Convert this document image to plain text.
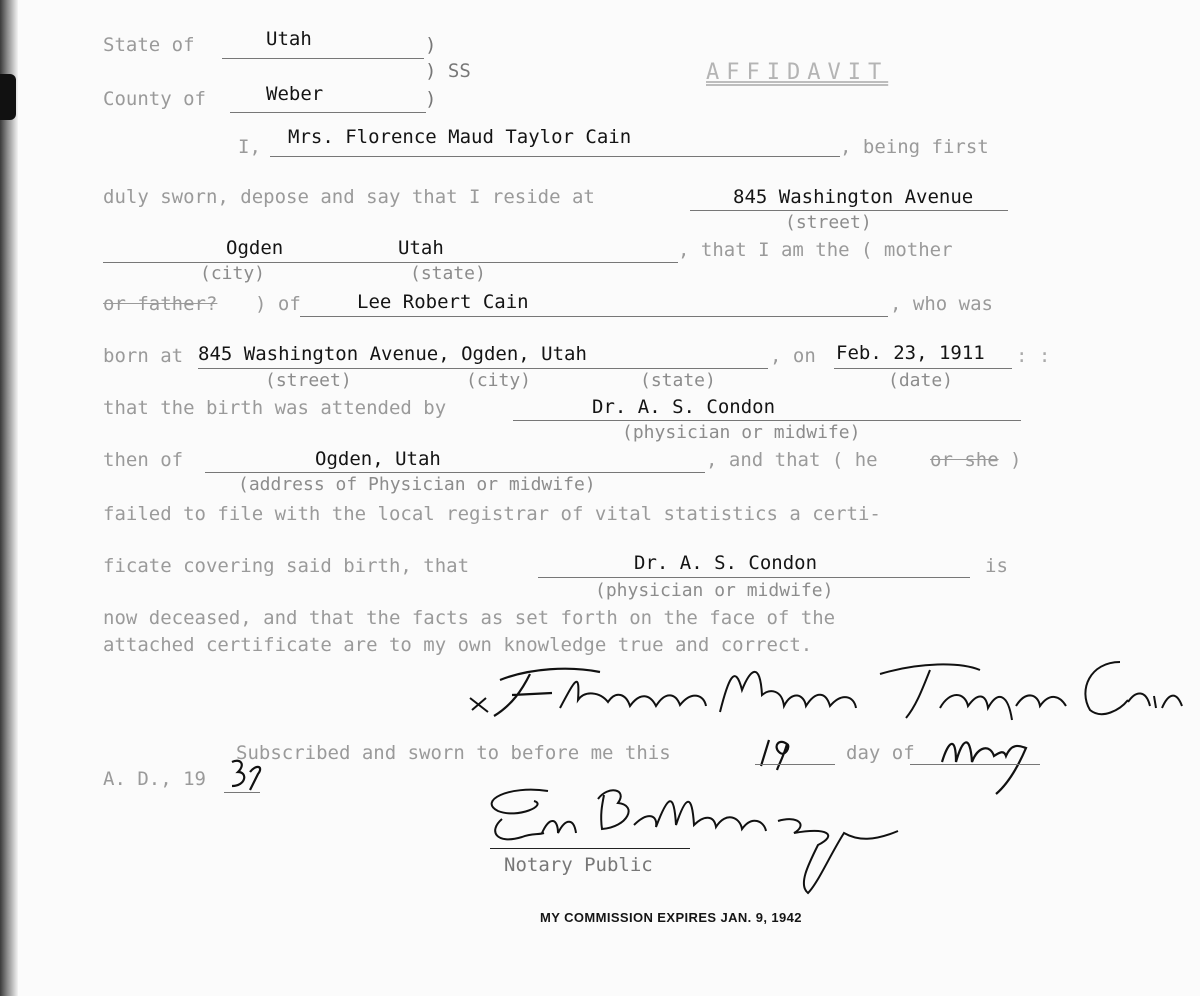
State of	Utah	)
) SS	AFFIDAVIT
County of	Weber	)
I, Mrs. Florence Maud Taylor Cain	, being first
duly sworn, depose and say that I reside at	845 Washington Avenue
(street)
Ogden	Utah	, that I am the ( mother
(city)	(state)
or father? ) of	Lee Robert Cain	, who was
born at 845 Washington Avenue, Ogden, Utah	, on Feb. 23, 1911 : :
(street)	(city)	(state)	(date)
that the birth was attended by	Dr. A. S. Condon
(physician or midwife)
then of	Ogden, Utah	, and that ( he	or she )
(address of Physician or midwife)
failed to file with the local registrar of vital statistics a certi-
ficate covering said birth, that	Dr. A. S. Condon	is
(physician or midwife)
now deceased, and that the facts as set forth on the face of the
attached certificate are to my own knowledge true and correct.
Subscribed and sworn to before me this	day of
A. D., 19
Notary Public
MY COMMISSION EXPIRES JAN. 9, 1942
